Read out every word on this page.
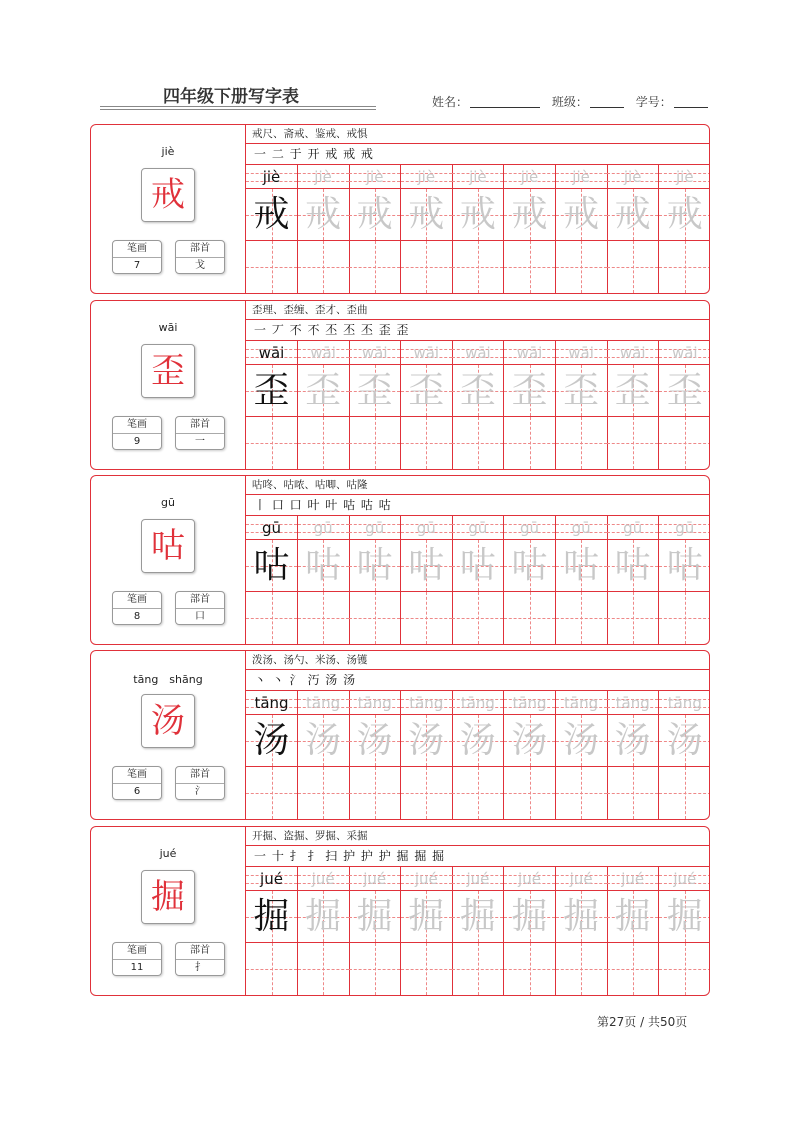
四年级下册写字表	姓名：	班级：	学号：
jiè
戒
笔画
7
部首
戈
戒尺、斋戒、鉴戒、戒惧
一 二 于 开 戒 戒 戒
jiè
戒
jiè
戒
jiè
戒
jiè
戒
jiè
戒
jiè
戒
jiè
戒
jiè
戒
jiè
戒
wāi
歪
笔画
9
部首
一
歪理、歪缠、歪才、歪曲
一 丆 不 不 丕 丕 丕 歪 歪
wāi
歪
wāi
歪
wāi
歪
wāi
歪
wāi
歪
wāi
歪
wāi
歪
wāi
歪
wāi
歪
gū
咕
笔画
8
部首
口
咕咚、咕哝、咕唧、咕隆
丨 口 口 叶 叶 咕 咕 咕
gū
咕
gū
咕
gū
咕
gū
咕
gū
咕
gū
咕
gū
咕
gū
咕
gū
咕
tāng　shāng
汤
笔画
6
部首
氵
泼汤、汤勺、米汤、汤镬
丶 丶 氵 汅 汤 汤
tāng
汤
tāng
汤
tāng
汤
tāng
汤
tāng
汤
tāng
汤
tāng
汤
tāng
汤
tāng
汤
jué
掘
笔画
11
部首
扌
开掘、盗掘、罗掘、采掘
一 十 扌 扌 扫 护 护 护 掘 掘 掘
jué
掘
jué
掘
jué
掘
jué
掘
jué
掘
jué
掘
jué
掘
jué
掘
jué
掘
第27页 / 共50页
